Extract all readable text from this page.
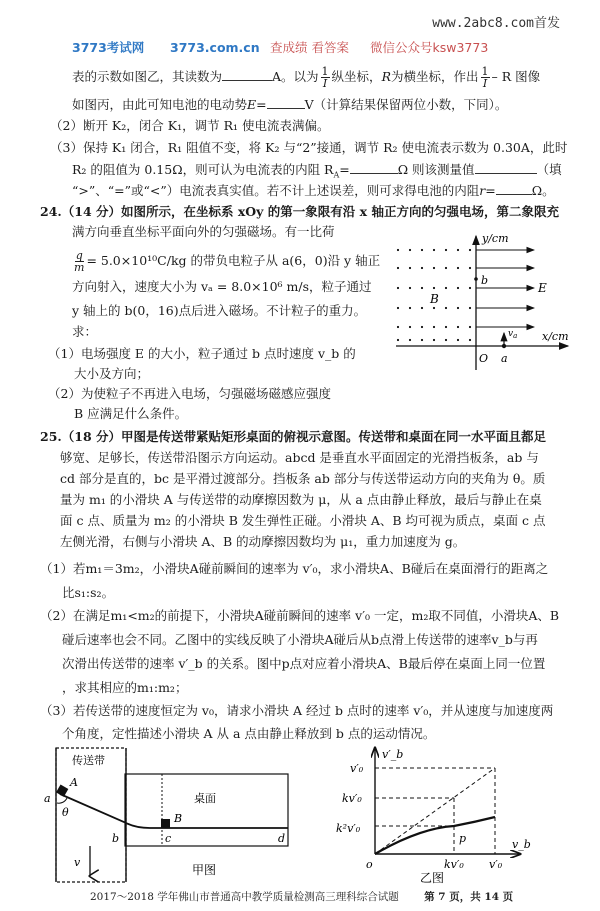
www.2abc8.com首发
3773考试网 3773.com.cn 查成绩 看答案 微信公众号ksw3773
表的示数如图乙，其读数为	A。以为 $\frac{1}{I}$ 纵坐标，R为横坐标，作出 $\frac{1}{I}$ – R 图像
如图丙，由此可知电池的电动势E=	V（计算结果保留两位小数，下同）。
（2）断开 K₂，闭合 K₁，调节 R₁ 使电流表满偏。
（3）保持 K₁ 闭合，R₁ 阻值不变，将 K₂ 与“2”接通，调节 R₂ 使电流表示数为 0.30A，此时
R₂ 的阻值为 0.15Ω，则可认为电流表的内阻 $R_A=$	Ω 则该测量值	（填
“>”、“=”或“<”）电流表真实值。若不计上述误差，则可求得电池的内阻r=	Ω。
24.（14 分）如图所示，在坐标系 xOy 的第一象限有沿 x 轴正方向的匀强电场，第二象限充
满方向垂直坐标平面向外的匀强磁场。有一比荷
$\frac{q}{m} = 5.0\times 10^{10}C/kg$ 的带负电粒子从 a(6，0)沿 y 轴正
方向射入，速度大小为 vₐ = 8.0×10⁶ m/s，粒子通过
y 轴上的 b(0，16)点后进入磁场。不计粒子的重力。
求：
（1）电场强度 E 的大小，粒子通过 b 点时速度 v_b 的
大小及方向；
（2）为使粒子不再进入电场，匀强磁场磁感应强度
B 应满足什么条件。
y/cm
x/cm
O
b
a
E
B
$v_a$
25.（18 分）甲图是传送带紧贴矩形桌面的俯视示意图。传送带和桌面在同一水平面且都足
够宽、足够长，传送带沿图示方向运动。abcd 是垂直水平面固定的光滑挡板条，ab 与
cd 部分是直的，bc 是平滑过渡部分。挡板条 ab 部分与传送带运动方向的夹角为 θ。质
量为 m₁ 的小滑块 A 与传送带的动摩擦因数为 μ，从 a 点由静止释放，最后与静止在桌
面 c 点、质量为 m₂ 的小滑块 B 发生弹性正碰。小滑块 A、B 均可视为质点，桌面 c 点
左侧光滑，右侧与小滑块 A、B 的动摩擦因数均为 μ₁，重力加速度为 g。
（1）若m₁＝3m₂，小滑块A碰前瞬间的速率为 v′₀，求小滑块A、B碰后在桌面滑行的距离之
比s₁:s₂。
（2）在满足m₁<m₂的前提下，小滑块A碰前瞬间的速率 v′₀ 一定，m₂取不同值，小滑块A、B
碰后速率也会不同。乙图中的实线反映了小滑块A碰后从b点滑上传送带的速率v_b与再
次滑出传送带的速率 v′_b 的关系。图中p点对应着小滑块A、B最后停在桌面上同一位置
，求其相应的m₁:m₂；
（3）若传送带的速度恒定为 v₀，请求小滑块 A 经过 b 点时的速率 v′₀，并从速度与加速度两
个角度，定性描述小滑块 A 从 a 点由静止释放到 b 点的运动情况。
传送带
桌面
A
B
a
θ
b	c	d
v
甲图
v′_b
v_b
o
v′₀
kv′₀
k²v′₀
kv′₀ v′₀
p
乙图
2017～2018 学年佛山市普通高中教学质量检测高三理科综合试题 第 7 页，共 14 页
